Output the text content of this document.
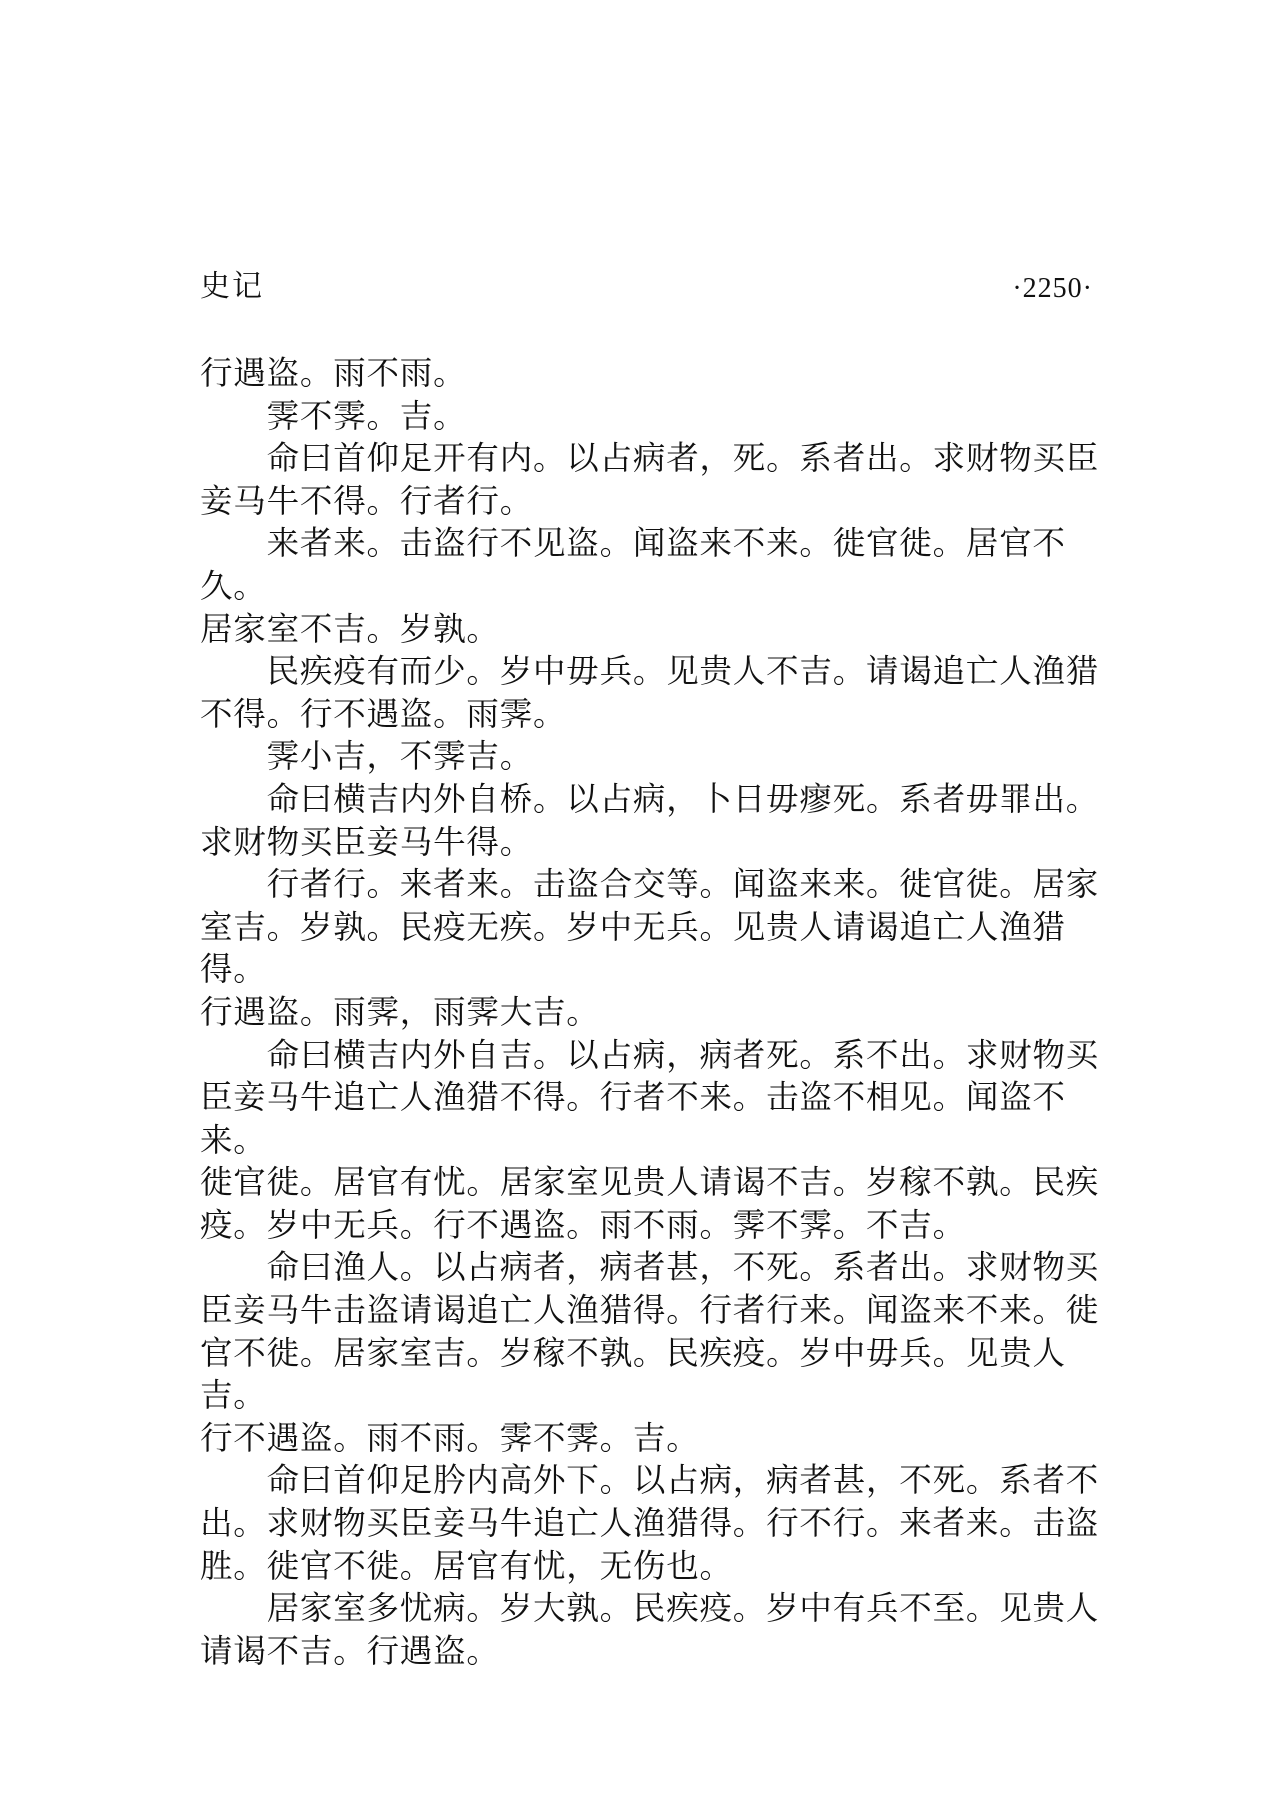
史记	·2250·

行遇盗。雨不雨。

　　霁不霁。吉。

　　命曰首仰足开有内。以占病者，死。系者出。求财物买臣

妾马牛不得。行者行。

　　来者来。击盗行不见盗。闻盗来不来。徙官徙。居官不久。

居家室不吉。岁孰。

　　民疾疫有而少。岁中毋兵。见贵人不吉。请谒追亡人渔猎

不得。行不遇盗。雨霁。

　　霁小吉，不霁吉。

　　命曰横吉内外自桥。以占病，卜日毋瘳死。系者毋罪出。

求财物买臣妾马牛得。

　　行者行。来者来。击盗合交等。闻盗来来。徙官徙。居家

室吉。岁孰。民疫无疾。岁中无兵。见贵人请谒追亡人渔猎得。

行遇盗。雨霁，雨霁大吉。

　　命曰横吉内外自吉。以占病，病者死。系不出。求财物买

臣妾马牛追亡人渔猎不得。行者不来。击盗不相见。闻盗不来。

徙官徙。居官有忧。居家室见贵人请谒不吉。岁稼不孰。民疾

疫。岁中无兵。行不遇盗。雨不雨。霁不霁。不吉。

　　命曰渔人。以占病者，病者甚，不死。系者出。求财物买

臣妾马牛击盗请谒追亡人渔猎得。行者行来。闻盗来不来。徙

官不徙。居家室吉。岁稼不孰。民疾疫。岁中毋兵。见贵人吉。

行不遇盗。雨不雨。霁不霁。吉。

　　命曰首仰足肣内高外下。以占病，病者甚，不死。系者不

出。求财物买臣妾马牛追亡人渔猎得。行不行。来者来。击盗

胜。徙官不徙。居官有忧，无伤也。

　　居家室多忧病。岁大孰。民疾疫。岁中有兵不至。见贵人

请谒不吉。行遇盗。
